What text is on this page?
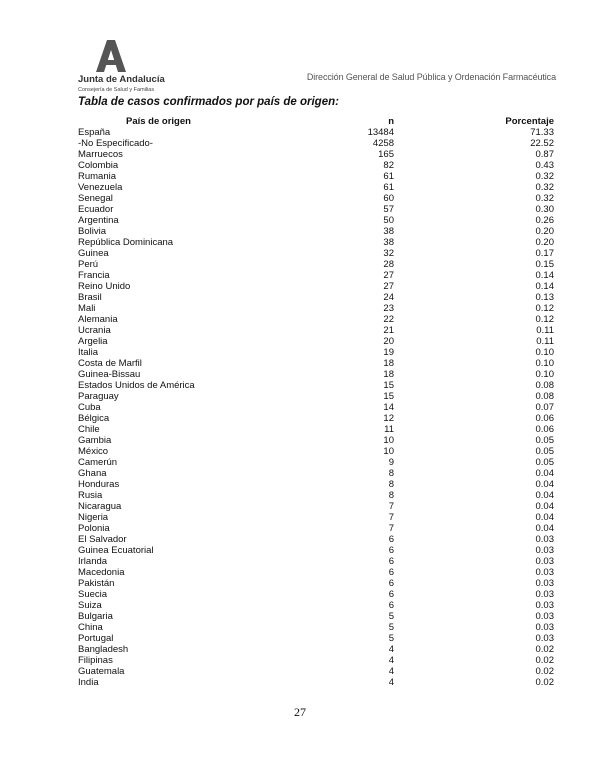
Junta de Andalucía
Consejería de Salud y Familias
Dirección General de Salud Pública y Ordenación Farmacéutica
Tabla de casos confirmados por país de origen:
País de origen	n	Porcentaje
España	13484	71.33
-No Especificado-	4258	22.52
Marruecos	165	0.87
Colombia	82	0.43
Rumania	61	0.32
Venezuela	61	0.32
Senegal	60	0.32
Ecuador	57	0.30
Argentina	50	0.26
Bolivia	38	0.20
República Dominicana	38	0.20
Guinea	32	0.17
Perú	28	0.15
Francia	27	0.14
Reino Unido	27	0.14
Brasil	24	0.13
Mali	23	0.12
Alemania	22	0.12
Ucrania	21	0.11
Argelia	20	0.11
Italia	19	0.10
Costa de Marfil	18	0.10
Guinea-Bissau	18	0.10
Estados Unidos de América	15	0.08
Paraguay	15	0.08
Cuba	14	0.07
Bélgica	12	0.06
Chile	11	0.06
Gambia	10	0.05
México	10	0.05
Camerún	9	0.05
Ghana	8	0.04
Honduras	8	0.04
Rusia	8	0.04
Nicaragua	7	0.04
Nigeria	7	0.04
Polonia	7	0.04
El Salvador	6	0.03
Guinea Ecuatorial	6	0.03
Irlanda	6	0.03
Macedonia	6	0.03
Pakistán	6	0.03
Suecia	6	0.03
Suiza	6	0.03
Bulgaria	5	0.03
China	5	0.03
Portugal	5	0.03
Bangladesh	4	0.02
Filipinas	4	0.02
Guatemala	4	0.02
India	4	0.02
27
